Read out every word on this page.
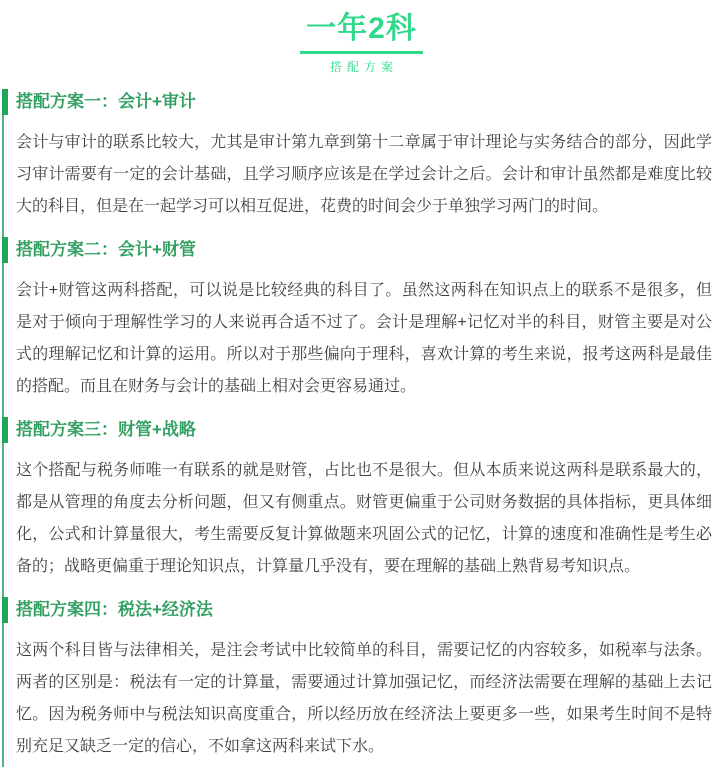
一年2科
搭配方案
搭配方案一：会计+审计

会计与审计的联系比较大，尤其是审计第九章到第十二章属于审计理论与实务结合的部分，因此学习审计需要有一定的会计基础，且学习顺序应该是在学过会计之后。会计和审计虽然都是难度比较大的科目，但是在一起学习可以相互促进，花费的时间会少于单独学习两门的时间。

搭配方案二：会计+财管

会计+财管这两科搭配，可以说是比较经典的科目了。虽然这两科在知识点上的联系不是很多，但是对于倾向于理解性学习的人来说再合适不过了。会计是理解+记忆对半的科目，财管主要是对公式的理解记忆和计算的运用。所以对于那些偏向于理科，喜欢计算的考生来说，报考这两科是最佳的搭配。而且在财务与会计的基础上相对会更容易通过。

搭配方案三：财管+战略

这个搭配与税务师唯一有联系的就是财管，占比也不是很大。但从本质来说这两科是联系最大的，都是从管理的角度去分析问题，但又有侧重点。财管更偏重于公司财务数据的具体指标，更具体细化，公式和计算量很大，考生需要反复计算做题来巩固公式的记忆，计算的速度和准确性是考生必备的；战略更偏重于理论知识点，计算量几乎没有，要在理解的基础上熟背易考知识点。

搭配方案四：税法+经济法

这两个科目皆与法律相关，是注会考试中比较简单的科目，需要记忆的内容较多，如税率与法条。两者的区别是：税法有一定的计算量，需要通过计算加强记忆，而经济法需要在理解的基础上去记忆。因为税务师中与税法知识高度重合，所以经历放在经济法上要更多一些，如果考生时间不是特别充足又缺乏一定的信心，不如拿这两科来试下水。
